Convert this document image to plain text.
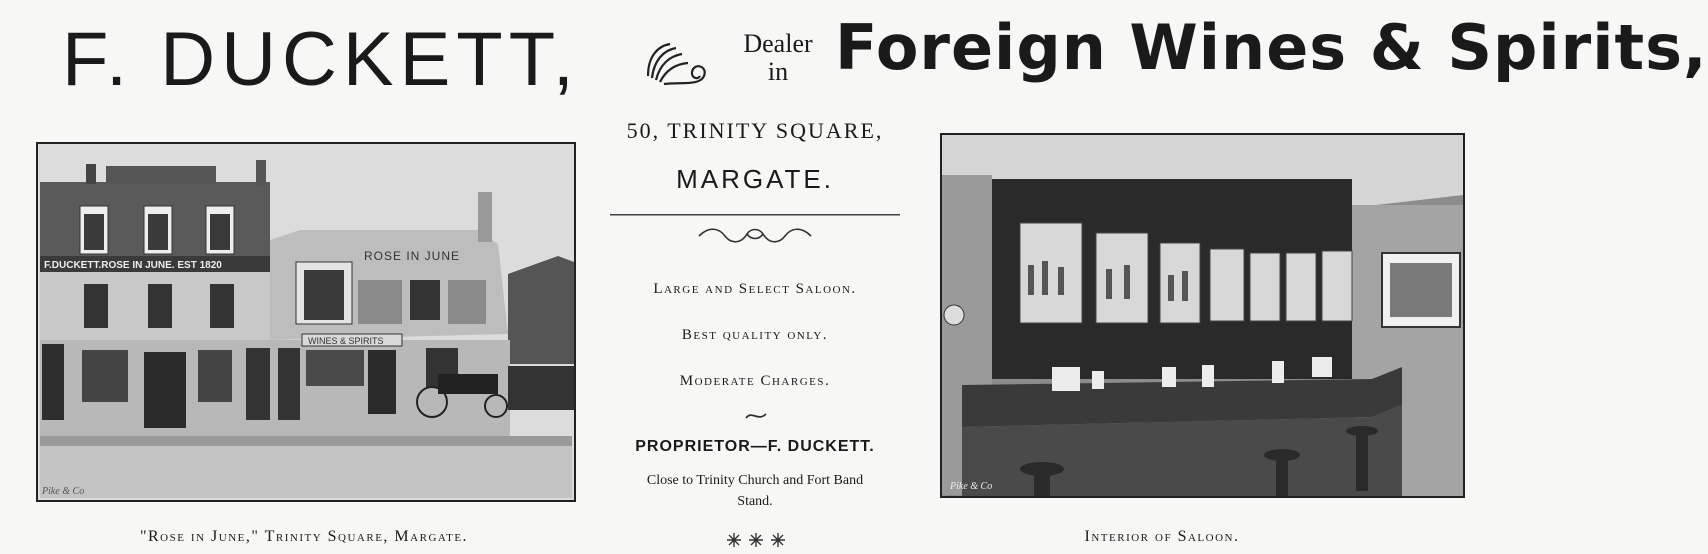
F. DUCKETT,	Dealer
in Foreign Wines & Spirits,
F.DUCKETT.ROSE IN JUNE. EST 1820
ROSE IN JUNE
WINES & SPIRITS
Pike & Co	Pike & Co
50, TRINITY SQUARE,
MARGATE.
Large and Select Saloon.
Best quality only.
Moderate Charges.
PROPRIETOR—F. DUCKETT.
Close to Trinity Church and Fort Band
Stand.
"Rose in June," Trinity Square, Margate.	Interior of Saloon.
